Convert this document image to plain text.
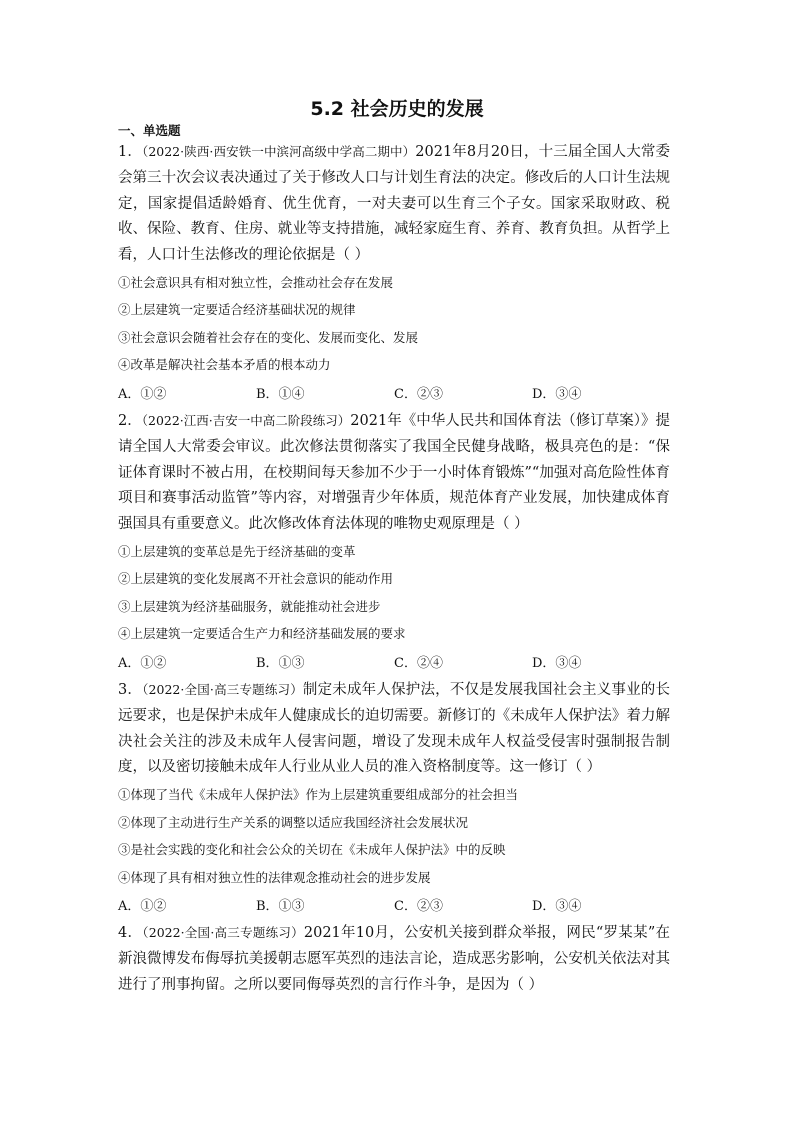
5.2 社会历史的发展
一、单选题

1．（2022·陕西·西安铁一中滨河高级中学高二期中）2021年8月20日，十三届全国人大常委会第三十次会议表决通过了关于修改人口与计划生育法的决定。修改后的人口计生法规定，国家提倡适龄婚育、优生优育，一对夫妻可以生育三个子女。国家采取财政、税收、保险、教育、住房、就业等支持措施，减轻家庭生育、养育、教育负担。从哲学上看，人口计生法修改的理论依据是（ ）

①社会意识具有相对独立性，会推动社会存在发展

②上层建筑一定要适合经济基础状况的规律

③社会意识会随着社会存在的变化、发展而变化、发展

④改革是解决社会基本矛盾的根本动力

A．①②	B．①④	C．②③	D．③④

2．（2022·江西·吉安一中高二阶段练习）2021年《中华人民共和国体育法（修订草案）》提请全国人大常委会审议。此次修法贯彻落实了我国全民健身战略，极具亮色的是：“保证体育课时不被占用，在校期间每天参加不少于一小时体育锻炼”“加强对高危险性体育项目和赛事活动监管”等内容，对增强青少年体质，规范体育产业发展，加快建成体育强国具有重要意义。此次修改体育法体现的唯物史观原理是（ ）

①上层建筑的变革总是先于经济基础的变革

②上层建筑的变化发展离不开社会意识的能动作用

③上层建筑为经济基础服务，就能推动社会进步

④上层建筑一定要适合生产力和经济基础发展的要求

A．①②	B．①③	C．②④	D．③④

3．（2022·全国·高三专题练习）制定未成年人保护法，不仅是发展我国社会主义事业的长远要求，也是保护未成年人健康成长的迫切需要。新修订的《未成年人保护法》着力解决社会关注的涉及未成年人侵害问题，增设了发现未成年人权益受侵害时强制报告制度，以及密切接触未成年人行业从业人员的准入资格制度等。这一修订（ ）

①体现了当代《未成年人保护法》作为上层建筑重要组成部分的社会担当

②体现了主动进行生产关系的调整以适应我国经济社会发展状况

③是社会实践的变化和社会公众的关切在《未成年人保护法》中的反映

④体现了具有相对独立性的法律观念推动社会的进步发展

A．①②	B．①③	C．②③	D．③④

4．（2022·全国·高三专题练习）2021年10月，公安机关接到群众举报，网民“罗某某”在新浪微博发布侮辱抗美援朝志愿军英烈的违法言论，造成恶劣影响，公安机关依法对其进行了刑事拘留。之所以要同侮辱英烈的言行作斗争，是因为（ ）
